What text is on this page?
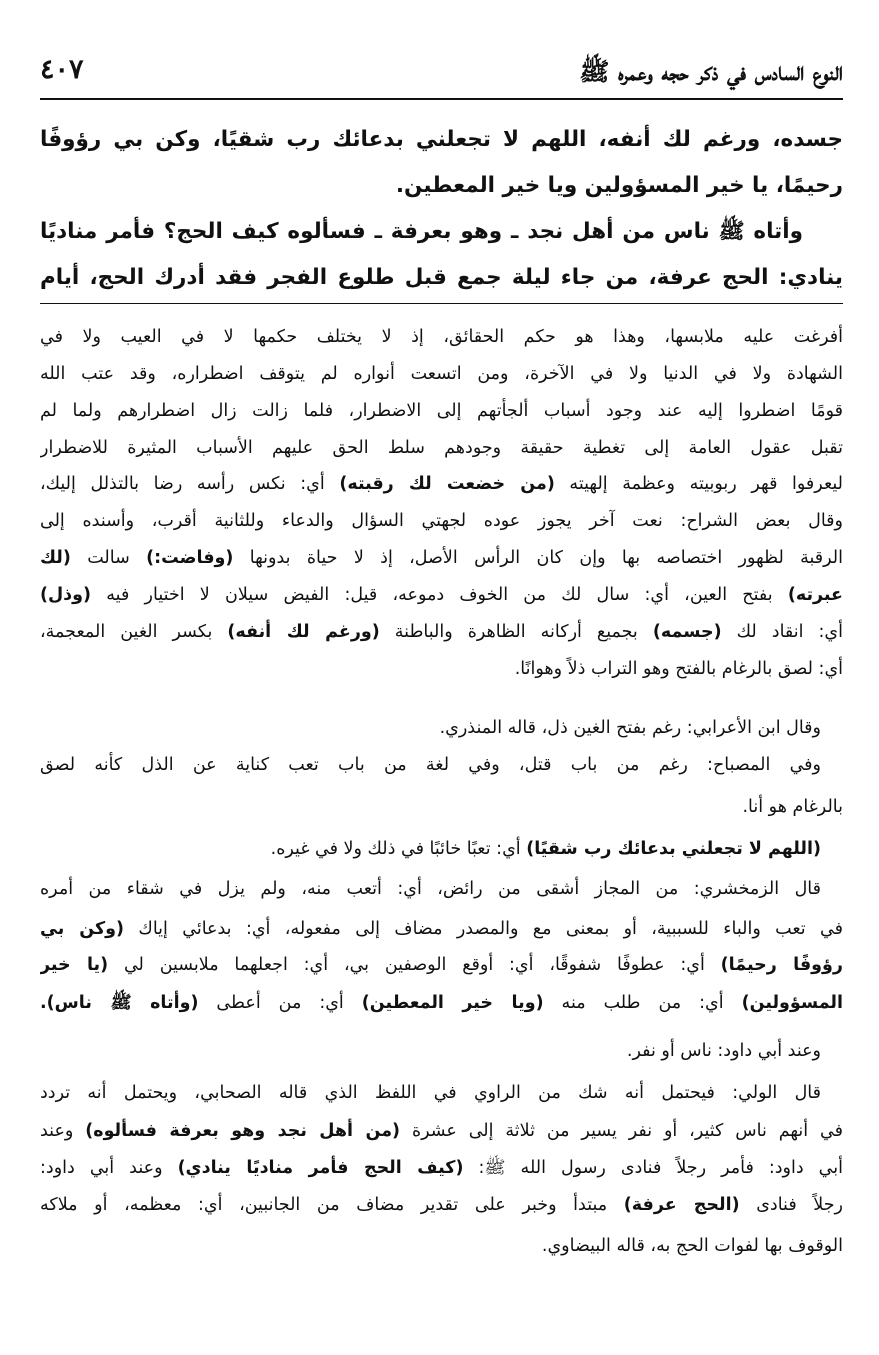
النوع السادس في ذكر حجه وعمره ﷺ
٤٠٧
جسده، ورغم لك أنفه، اللهم لا تجعلني بدعائك رب شقيًا، وكن بي رؤوفًا
رحيمًا، يا خير المسؤولين ويا خير المعطين.
وأتاه ﷺ ناس من أهل نجد ـ وهو بعرفة ـ فسألوه كيف الحج؟ فأمر مناديًا
ينادي: الحج عرفة، من جاء ليلة جمع قبل طلوع الفجر فقد أدرك الحج، أيام
أفرغت عليه ملابسها، وهذا هو حكم الحقائق، إذ لا يختلف حكمها لا في العيب ولا في
الشهادة ولا في الدنيا ولا في الآخرة، ومن اتسعت أنواره لم يتوقف اضطراره، وقد عتب الله
قومًا اضطروا إليه عند وجود أسباب ألجأتهم إلى الاضطرار، فلما زالت زال اضطرارهم ولما لم
تقبل عقول العامة إلى تغطية حقيقة وجودهم سلط الحق عليهم الأسباب المثيرة للاضطرار
ليعرفوا قهر ربوبيته وعظمة إلهيته (من خضعت لك رقبته) أي: نكس رأسه رضا بالتذلل إليك،
وقال بعض الشراح: نعت آخر يجوز عوده لجهتي السؤال والدعاء وللثانية أقرب، وأسنده إلى
الرقبة لظهور اختصاصه بها وإن كان الرأس الأصل، إذ لا حياة بدونها (وفاضت:) سالت (لك
عبرته) بفتح العين، أي: سال لك من الخوف دموعه، قيل: الفيض سيلان لا اختيار فيه (وذل)
أي: انقاد لك (جسمه) بجميع أركانه الظاهرة والباطنة (ورغم لك أنفه) بكسر الغين المعجمة،
أي: لصق بالرغام بالفتح وهو التراب ذلاً وهوانًا.
وقال ابن الأعرابي: رغم بفتح الغين ذل، قاله المنذري.
وفي المصباح: رغم من باب قتل، وفي لغة من باب تعب كناية عن الذل كأنه لصق
بالرغام هو أنا.
(اللهم لا تجعلني بدعائك رب شقيًا) أي: تعبًا خائبًا في ذلك ولا في غيره.
قال الزمخشري: من المجاز أشقى من رائض، أي: أتعب منه، ولم يزل في شقاء من أمره
في تعب والباء للسببية، أو بمعنى مع والمصدر مضاف إلى مفعوله، أي: بدعائي إياك (وكن بي
رؤوفًا رحيمًا) أي: عطوفًا شفوقًا، أي: أوقع الوصفين بي، أي: اجعلهما ملابسين لي (يا خير
المسؤولين) أي: من طلب منه (ويا خير المعطين) أي: من أعطى (وأتاه ﷺ ناس).
وعند أبي داود: ناس أو نفر.
قال الولي: فيحتمل أنه شك من الراوي في اللفظ الذي قاله الصحابي، ويحتمل أنه تردد
في أنهم ناس كثير، أو نفر يسير من ثلاثة إلى عشرة (من أهل نجد وهو بعرفة فسألوه) وعند
أبي داود: فأمر رجلاً فنادى رسول الله ﷺ: (كيف الحج فأمر مناديًا ينادي) وعند أبي داود:
رجلاً فنادى (الحج عرفة) مبتدأ وخبر على تقدير مضاف من الجانبين، أي: معظمه، أو ملاكه
الوقوف بها لفوات الحج به، قاله البيضاوي.
